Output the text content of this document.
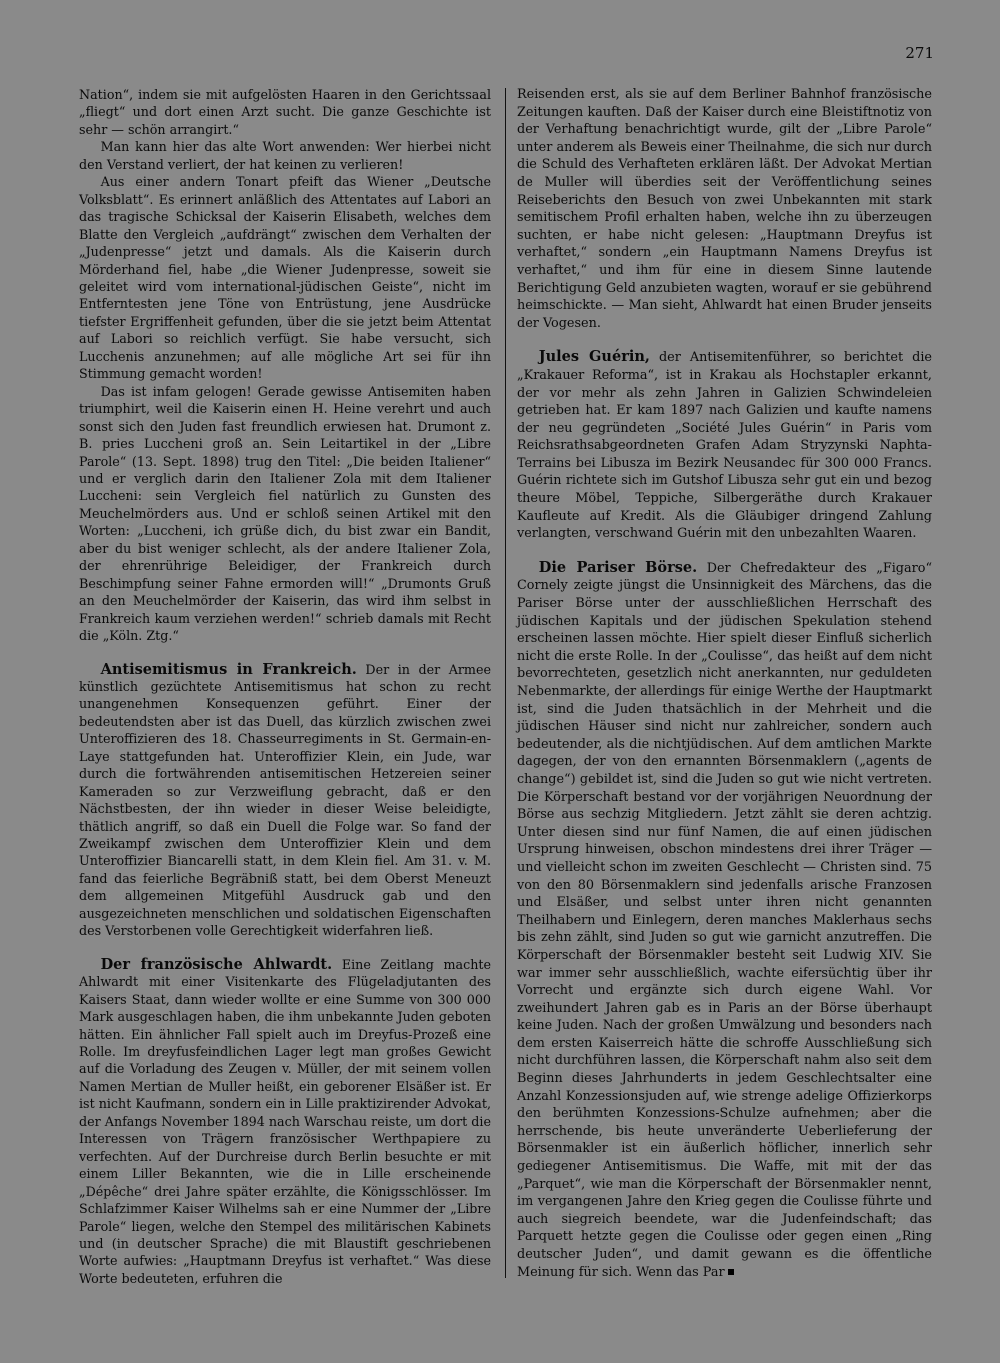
271

Nation“, indem sie mit aufgelösten Haaren in den Gerichtssaal „fliegt“ und dort einen Arzt sucht. Die ganze Geschichte ist sehr — schön arrangirt.“

Man kann hier das alte Wort anwenden: Wer hierbei nicht den Verstand verliert, der hat keinen zu verlieren!

Aus einer andern Tonart pfeift das Wiener „Deutsche Volksblatt“. Es erinnert anläßlich des Attentates auf Labori an das tragische Schicksal der Kaiserin Elisabeth, welches dem Blatte den Vergleich „aufdrängt“ zwischen dem Verhalten der „Judenpresse“ jetzt und damals. Als die Kaiserin durch Mörderhand fiel, habe „die Wiener Judenpresse, soweit sie geleitet wird vom international-jüdischen Geiste“, nicht im Entferntesten jene Töne von Entrüstung, jene Ausdrücke tiefster Ergriffenheit gefunden, über die sie jetzt beim Attentat auf Labori so reichlich verfügt. Sie habe versucht, sich Lucchenis anzunehmen; auf alle mögliche Art sei für ihn Stimmung gemacht worden!

Das ist infam gelogen! Gerade gewisse Antisemiten haben triumphirt, weil die Kaiserin einen H. Heine verehrt und auch sonst sich den Juden fast freundlich erwiesen hat. Drumont z. B. pries Luccheni groß an. Sein Leitartikel in der „Libre Parole“ (13. Sept. 1898) trug den Titel: „Die beiden Italiener“ und er verglich darin den Italiener Zola mit dem Italiener Luccheni: sein Vergleich fiel natürlich zu Gunsten des Meuchelmörders aus. Und er schloß seinen Artikel mit den Worten: „Luccheni, ich grüße dich, du bist zwar ein Bandit, aber du bist weniger schlecht, als der andere Italiener Zola, der ehrenrührige Beleidiger, der Frankreich durch Beschimpfung seiner Fahne ermorden will!“ „Drumonts Gruß an den Meuchelmörder der Kaiserin, das wird ihm selbst in Frankreich kaum verziehen werden!“ schrieb damals mit Recht die „Köln. Ztg.“

Antisemitismus in Frankreich. Der in der Armee künstlich gezüchtete Antisemitismus hat schon zu recht unangenehmen Konsequenzen geführt. Einer der bedeutendsten aber ist das Duell, das kürzlich zwischen zwei Unteroffizieren des 18. Chasseurregiments in St. Germain-en-Laye stattgefunden hat. Unteroffizier Klein, ein Jude, war durch die fortwährenden antisemitischen Hetzereien seiner Kameraden so zur Verzweiflung gebracht, daß er den Nächstbesten, der ihn wieder in dieser Weise beleidigte, thätlich angriff, so daß ein Duell die Folge war. So fand der Zweikampf zwischen dem Unteroffizier Klein und dem Unteroffizier Biancarelli statt, in dem Klein fiel. Am 31. v. M. fand das feierliche Begräbniß statt, bei dem Oberst Meneuzt dem allgemeinen Mitgefühl Ausdruck gab und den ausgezeichneten menschlichen und soldatischen Eigenschaften des Verstorbenen volle Gerechtigkeit widerfahren ließ.

Der französische Ahlwardt. Eine Zeitlang machte Ahlwardt mit einer Visitenkarte des Flügeladjutanten des Kaisers Staat, dann wieder wollte er eine Summe von 300 000 Mark ausgeschlagen haben, die ihm unbekannte Juden geboten hätten. Ein ähnlicher Fall spielt auch im Dreyfus-Prozeß eine Rolle. Im dreyfusfeindlichen Lager legt man großes Gewicht auf die Vorladung des Zeugen v. Müller, der mit seinem vollen Namen Mertian de Muller heißt, ein geborener Elsäßer ist. Er ist nicht Kaufmann, sondern ein in Lille praktizirender Advokat, der Anfangs November 1894 nach Warschau reiste, um dort die Interessen von Trägern französischer Werthpapiere zu verfechten. Auf der Durchreise durch Berlin besuchte er mit einem Liller Bekannten, wie die in Lille erscheinende „Dépêche“ drei Jahre später erzählte, die Königsschlösser. Im Schlafzimmer Kaiser Wilhelms sah er eine Nummer der „Libre Parole“ liegen, welche den Stempel des militärischen Kabinets und (in deutscher Sprache) die mit Blaustift geschriebenen Worte aufwies: „Hauptmann Dreyfus ist verhaftet.“ Was diese Worte bedeuteten, erfuhren die

Reisenden erst, als sie auf dem Berliner Bahnhof französische Zeitungen kauften. Daß der Kaiser durch eine Bleistiftnotiz von der Verhaftung benachrichtigt wurde, gilt der „Libre Parole“ unter anderem als Beweis einer Theilnahme, die sich nur durch die Schuld des Verhafteten erklären läßt. Der Advokat Mertian de Muller will überdies seit der Veröffentlichung seines Reiseberichts den Besuch von zwei Unbekannten mit stark semitischem Profil erhalten haben, welche ihn zu überzeugen suchten, er habe nicht gelesen: „Hauptmann Dreyfus ist verhaftet,“ sondern „ein Hauptmann Namens Dreyfus ist verhaftet,“ und ihm für eine in diesem Sinne lautende Berichtigung Geld anzubieten wagten, worauf er sie gebührend heimschickte. — Man sieht, Ahlwardt hat einen Bruder jenseits der Vogesen.

Jules Guérin, der Antisemitenführer, so berichtet die „Krakauer Reforma“, ist in Krakau als Hochstapler erkannt, der vor mehr als zehn Jahren in Galizien Schwindeleien getrieben hat. Er kam 1897 nach Galizien und kaufte namens der neu gegründeten „Société Jules Guérin“ in Paris vom Reichsrathsabgeordneten Grafen Adam Stryzynski Naphta-Terrains bei Libusza im Bezirk Neusandec für 300 000 Francs. Guérin richtete sich im Gutshof Libusza sehr gut ein und bezog theure Möbel, Teppiche, Silbergeräthe durch Krakauer Kaufleute auf Kredit. Als die Gläubiger dringend Zahlung verlangten, verschwand Guérin mit den unbezahlten Waaren.

Die Pariser Börse. Der Chefredakteur des „Figaro“ Cornely zeigte jüngst die Unsinnigkeit des Märchens, das die Pariser Börse unter der ausschließlichen Herrschaft des jüdischen Kapitals und der jüdischen Spekulation stehend erscheinen lassen möchte. Hier spielt dieser Einfluß sicherlich nicht die erste Rolle. In der „Coulisse“, das heißt auf dem nicht bevorrechteten, gesetzlich nicht anerkannten, nur geduldeten Nebenmarkte, der allerdings für einige Werthe der Hauptmarkt ist, sind die Juden thatsächlich in der Mehrheit und die jüdischen Häuser sind nicht nur zahlreicher, sondern auch bedeutender, als die nichtjüdischen. Auf dem amtlichen Markte dagegen, der von den ernannten Börsenmaklern („agents de change“) gebildet ist, sind die Juden so gut wie nicht vertreten. Die Körperschaft bestand vor der vorjährigen Neuordnung der Börse aus sechzig Mitgliedern. Jetzt zählt sie deren achtzig. Unter diesen sind nur fünf Namen, die auf einen jüdischen Ursprung hinweisen, obschon mindestens drei ihrer Träger — und vielleicht schon im zweiten Geschlecht — Christen sind. 75 von den 80 Börsenmaklern sind jedenfalls arische Franzosen und Elsäßer, und selbst unter ihren nicht genannten Theilhabern und Einlegern, deren manches Maklerhaus sechs bis zehn zählt, sind Juden so gut wie garnicht anzutreffen. Die Körperschaft der Börsenmakler besteht seit Ludwig XIV. Sie war immer sehr ausschließlich, wachte eifersüchtig über ihr Vorrecht und ergänzte sich durch eigene Wahl. Vor zweihundert Jahren gab es in Paris an der Börse überhaupt keine Juden. Nach der großen Umwälzung und besonders nach dem ersten Kaiserreich hätte die schroffe Ausschließung sich nicht durchführen lassen, die Körperschaft nahm also seit dem Beginn dieses Jahrhunderts in jedem Geschlechtsalter eine Anzahl Konzessionsjuden auf, wie strenge adelige Offizierkorps den berühmten Konzessions-Schulze aufnehmen; aber die herrschende, bis heute unveränderte Ueberlieferung der Börsenmakler ist ein äußerlich höflicher, innerlich sehr gediegener Antisemitismus. Die Waffe, mit mit der das „Parquet“, wie man die Körperschaft der Börsenmakler nennt, im vergangenen Jahre den Krieg gegen die Coulisse führte und auch siegreich beendete, war die Judenfeindschaft; das Parquett hetzte gegen die Coulisse oder gegen einen „Ring deutscher Juden“, und damit gewann es die öffentliche Meinung für sich. Wenn das Par
